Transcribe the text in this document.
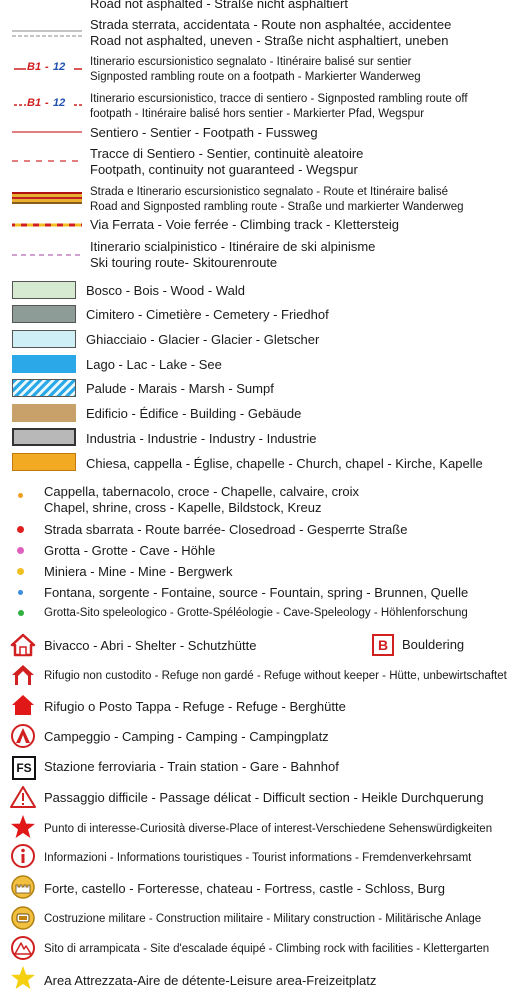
Road not asphalted - Straße nicht asphaltiert
Strada sterrata, accidentata - Route non asphaltée, accidentee
Road not asphalted, uneven - Straße nicht asphaltiert, uneben
B1 - 12 Itinerario escursionistico segnalato - Itinéraire balisé sur sentier
Signposted rambling route on a footpath - Markierter Wanderweg
B1 - 12 Itinerario escursionistico, tracce di sentiero - Signposted rambling route off
footpath - Itinéraire balisé hors sentier - Markierter Pfad, Wegspur
Sentiero - Sentier - Footpath - Fussweg
Tracce di Sentiero - Sentier, continuitè aleatoire
Footpath, continuity not guaranteed - Wegspur
Strada e Itinerario escursionistico segnalato - Route et Itinéraire balisé
Road and Signposted rambling route - Straße und markierter Wanderweg
Via Ferrata - Voie ferrée - Climbing track - Klettersteig
Itinerario scialpinistico - Itinéraire de ski alpinisme
Ski touring route- Skitourenroute
Bosco - Bois - Wood - Wald
Cimitero - Cimetière - Cemetery - Friedhof
Ghiacciaio - Glacier - Glacier - Gletscher
Lago - Lac - Lake - See
Palude - Marais - Marsh - Sumpf
Edificio - Édifice - Building - Gebäude
Industria - Industrie - Industry - Industrie
Chiesa, cappella - Église, chapelle - Church, chapel - Kirche, Kapelle
Cappella, tabernacolo, croce - Chapelle, calvaire, croix
Chapel, shrine, cross - Kapelle, Bildstock, Kreuz
Strada sbarrata - Route barrée- Closedroad - Gesperrte Straße
Grotta - Grotte - Cave - Höhle
Miniera - Mine - Mine - Bergwerk
Fontana, sorgente - Fontaine, source - Fountain, spring - Brunnen, Quelle
Grotta-Sito speleologico - Grotte-Spéléologie - Cave-Speleology - Höhlenforschung
Bivacco - Abri - Shelter - Schutzhütte	B	Bouldering
Rifugio non custodito - Refuge non gardé - Refuge without keeper - Hütte, unbewirtschaftet
Rifugio o Posto Tappa - Refuge - Refuge - Berghütte
Campeggio - Camping - Camping - Campingplatz
FS Stazione ferroviaria - Train station - Gare - Bahnhof
Passaggio difficile - Passage délicat - Difficult section - Heikle Durchquerung
Punto di interesse-Curiosità diverse-Place of interest-Verschiedene Sehenswürdigkeiten
Informazioni - Informations touristiques - Tourist informations - Fremdenverkehrsamt
Forte, castello - Forteresse, chateau - Fortress, castle - Schloss, Burg
Costruzione militare - Construction militaire - Military construction - Militärische Anlage
Sito di arrampicata - Site d'escalade équipé - Climbing rock with facilities - Klettergarten
Area Attrezzata-Aire de détente-Leisure area-Freizeitplatz
